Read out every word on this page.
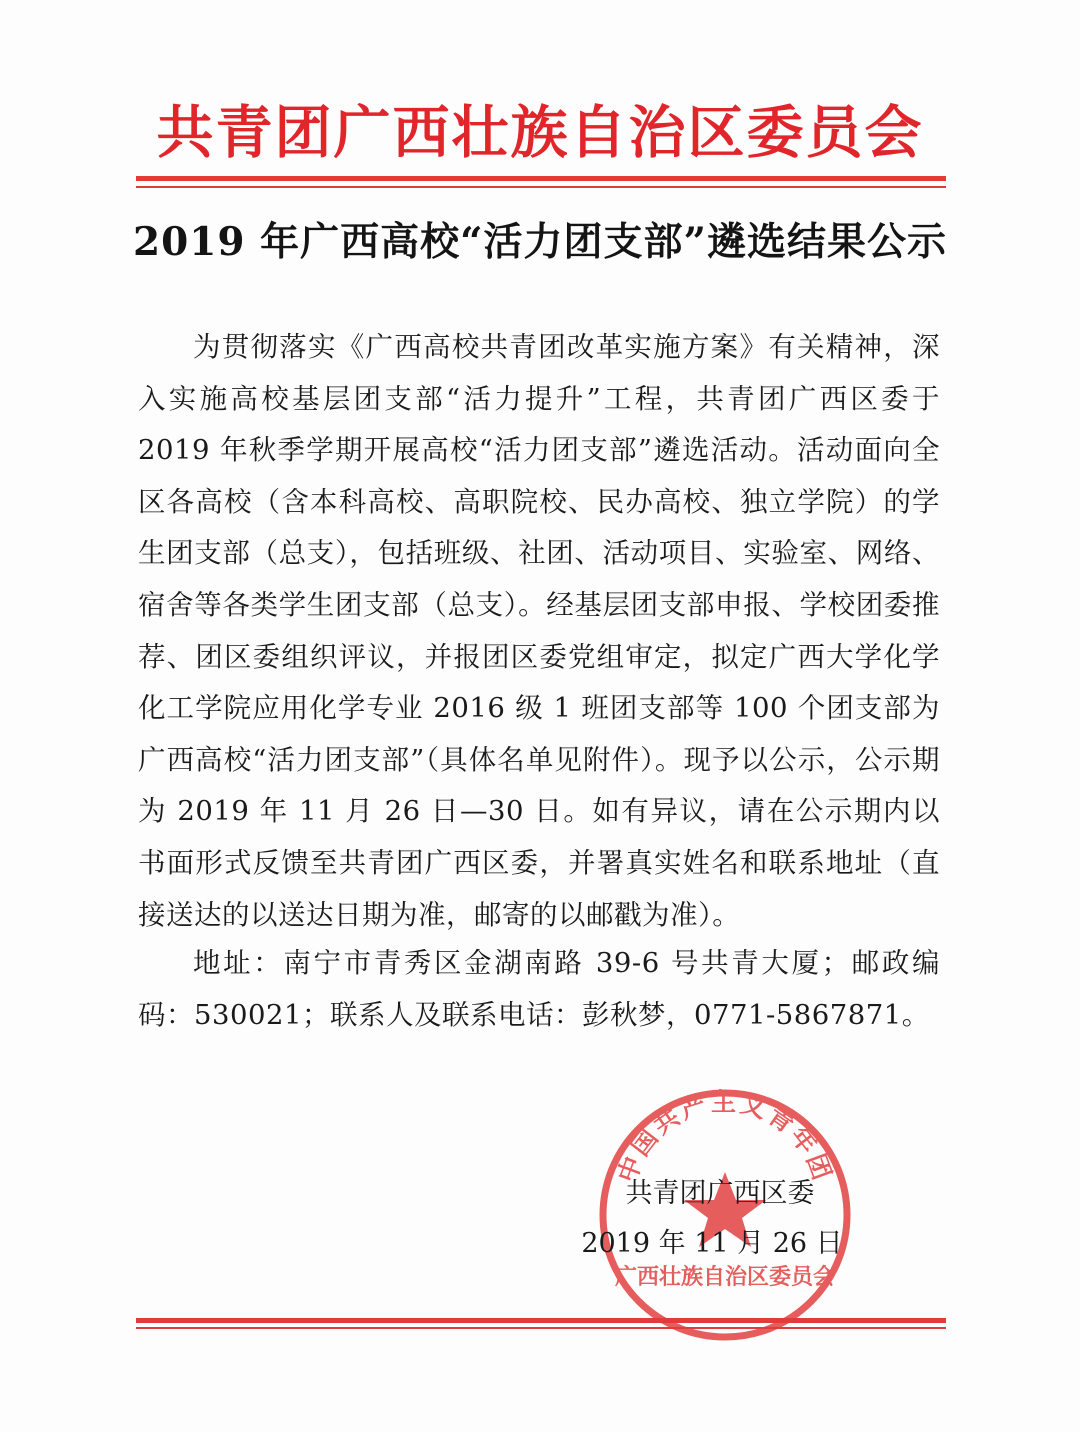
共青团广西壮族自治区委员会
2019 年广西高校“活力团支部”遴选结果公示

为贯彻落实《广西高校共青团改革实施方案》有关精神，深入实施高校基层团支部“活力提升”工程，共青团广西区委于 2019 年秋季学期开展高校“活力团支部”遴选活动。活动面向全区各高校（含本科高校、高职院校、民办高校、独立学院）的学生团支部（总支），包括班级、社团、活动项目、实验室、网络、宿舍等各类学生团支部（总支）。经基层团支部申报、学校团委推荐、团区委组织评议，并报团区委党组审定，拟定广西大学化学化工学院应用化学专业 2016 级 1 班团支部等 100 个团支部为广西高校“活力团支部”（具体名单见附件）。现予以公示，公示期为 2019 年 11 月 26 日—30 日。如有异议，请在公示期内以书面形式反馈至共青团广西区委，并署真实姓名和联系地址（直接送达的以送达日期为准，邮寄的以邮戳为准）。

地址：南宁市青秀区金湖南路 39-6 号共青大厦；邮政编码：530021；联系人及联系电话：彭秋梦，0771-5867871。

中国共产主义青年团
广西壮族自治区委员会
共青团广西区委
2019 年 11 月 26 日
